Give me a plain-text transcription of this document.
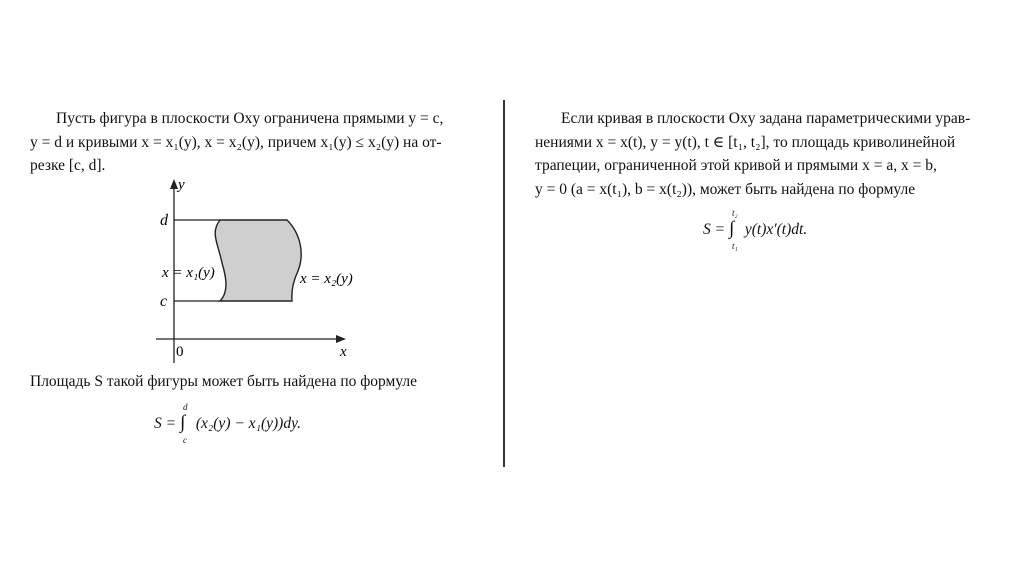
Пусть фигура в плоскости Oxy ограничена прямыми y = c,
y = d и кривыми x = x₁(y), x = x₂(y), причем x₁(y) ≤ x₂(y) на от-
резке [c, d].
y
d
c
0	x
x = x₁(y)	x = x₂(y)
Площадь S такой фигуры может быть найдена по формуле
S = ∫
d
c
(x₂(y) − x₁(y))dy.
Если кривая в плоскости Oxy задана параметрическими урав-
нениями x = x(t), y = y(t), t ∈ [t₁, t₂], то площадь криволинейной
трапеции, ограниченной этой кривой и прямыми x = a, x = b,
y = 0 (a = x(t₁), b = x(t₂)), может быть найдена по формуле
S = ∫
t₂
t₁
y(t)x′(t)dt.
